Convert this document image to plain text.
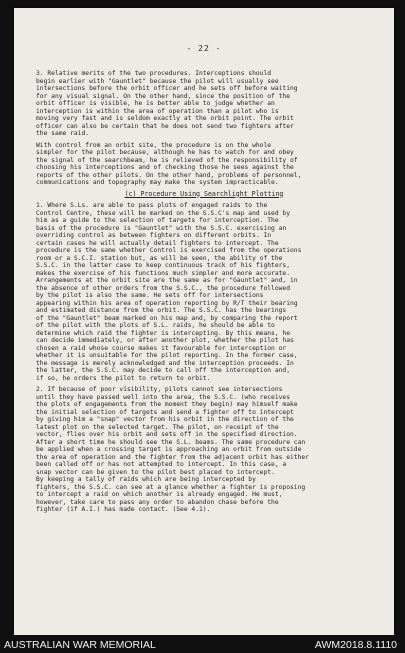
- 22 -

3. Relative merits of the two procedures. Interceptions should
begin earlier with "Gauntlet" because the pilot will usually see
intersections before the orbit officer and he sets off before waiting
for any visual signal. On the other hand, since the position of the
orbit officer is visible, he is better able to judge whether an
interception is within the area of operation than a pilot who is
moving very fast and is seldom exactly at the orbit point. The orbit
officer can also be certain that he does not send two fighters after
the same raid.

With control from an orbit site, the procedure is on the whole
simpler for the pilot because, although he has to watch for and obey
the signal of the searchbeam, he is relieved of the responsibility of
choosing his interceptions and of checking those he sees against the
reports of the other pilots. On the other hand, problems of personnel,
communications and topography may make the system impracticable.

(c) Procedure Using Searchlight Plotting

1. Where S.Ls. are able to pass plots of engaged raids to the
Control Centre, these will be marked on the S.S.C's map and used by
him as a guide to the selection of targets for interception. The
basis of the procedure is "Gauntlet" with the S.S.C. exercising an
overriding control as between fighters on different orbits. In
certain cases he will actually detail fighters to intercept. The
procedure is the same whether Control is exercised from the operations
room or a S.C.I. station but, as will be seen, the ability of the
S.S.C. in the latter case to keep continuous track of his fighters,
makes the exercise of his functions much simpler and more accurate.
Arrangements at the orbit site are the same as for "Gauntlet" and, in
the absence of other orders from the S.S.C., the procedure followed
by the pilot is also the same. He sets off for intersections
appearing within his area of operation reporting by R/T their bearing
and estimated distance from the orbit. The S.S.C. has the bearings
of the "Gauntlet" beam marked on his map and, by comparing the report
of the pilot with the plots of S.L. raids, he should be able to
determine which raid the fighter is intercepting. By this means, he
can decide immediately, or after another plot, whether the pilot has
chosen a raid whose course makes it favourable for interception or
whether it is unsuitable for the pilot reporting. In the former case,
the message is merely acknowledged and the interception proceeds. In
the latter, the S.S.C. may decide to call off the interception and,
if so, he orders the pilot to return to orbit.

2. If because of poor visibility, pilots cannot see intersections
until they have passed well into the area, the S.S.C. (who receives
the plots of engagements from the moment they begin) may himself make
the initial selection of targets and send a fighter off to intercept
by giving him a "snap" vector from his orbit in the direction of the
latest plot on the selected target. The pilot, on receipt of the
vector, flies over his orbit and sets off in the specified direction.
After a short time he should see the S.L. beams. The same procedure can
be applied when a crossing target is approaching an orbit from outside
the area of operation and the fighter from the adjacent orbit has either
been called off or has not attempted to intercept. In this case, a
snap vector can be given to the pilot best placed to intercept.
By keeping a tally of raids which are being intercepted by
fighters, the S.S.C. can see at a glance whether a fighter is proposing
to intercept a raid on which another is already engaged. He must,
however, take care to pass any order to abandon chase before the
fighter (if A.I.) has made contact. (See 4.1).

AUSTRALIAN WAR MEMORIAL	AWM2018.8.1110
